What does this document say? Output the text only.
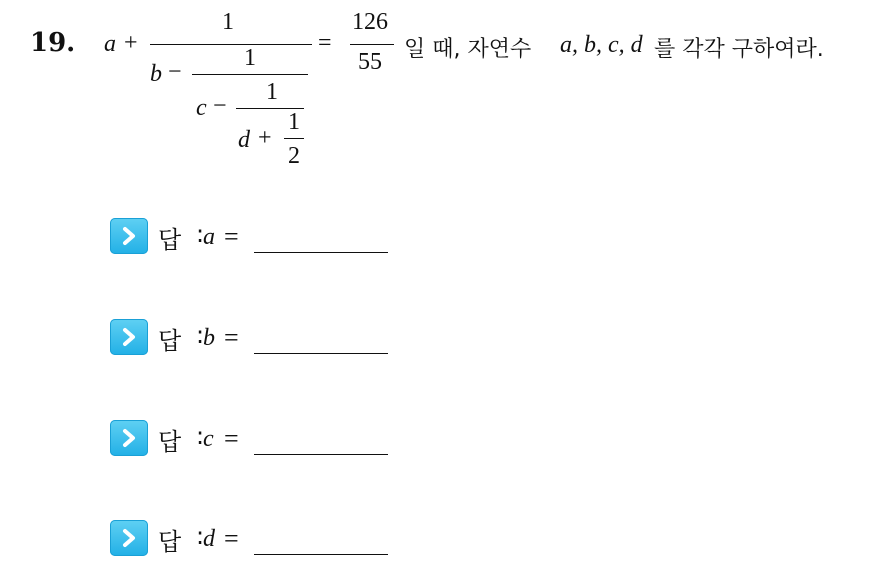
19. a +
1
b −
1
c −
1
d +
1
2
=
126
55 일 때, 자연수 a, b, c, d 를 각각 구하여라.
답 :
a =
답 :
b =
답 :
c =
답 :
d =
